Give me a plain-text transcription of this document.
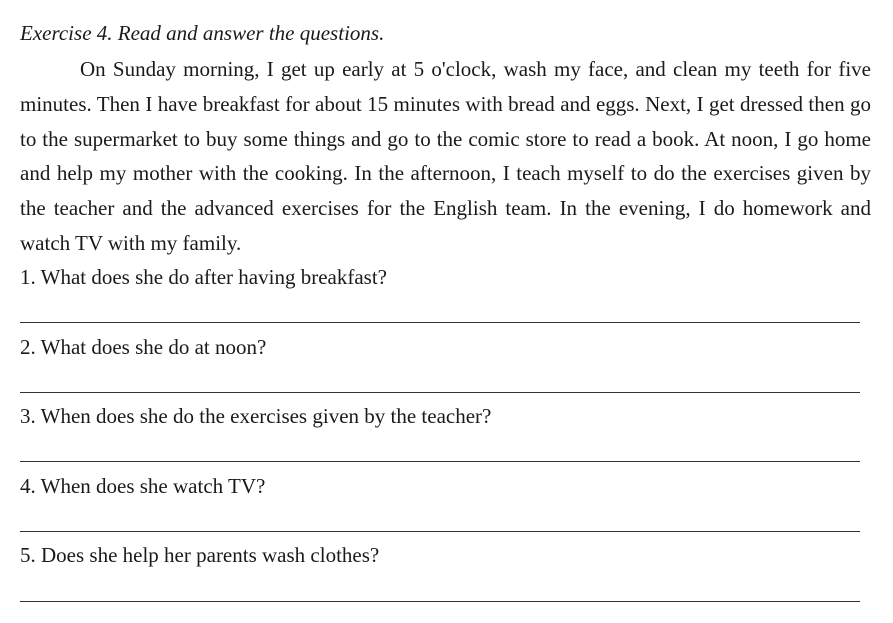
Exercise 4. Read and answer the questions.

On Sunday morning, I get up early at 5 o'clock, wash my face, and clean my teeth for five minutes. Then I have breakfast for about 15 minutes with bread and eggs. Next, I get dressed then go to the supermarket to buy some things and go to the comic store to read a book. At noon, I go home and help my mother with the cooking. In the afternoon, I teach myself to do the exercises given by the teacher and the advanced exercises for the English team. In the evening, I do homework and watch TV with my family.

1. What does she do after having breakfast?
2. What does she do at noon?
3. When does she do the exercises given by the teacher?
4. When does she watch TV?
5. Does she help her parents wash clothes?
